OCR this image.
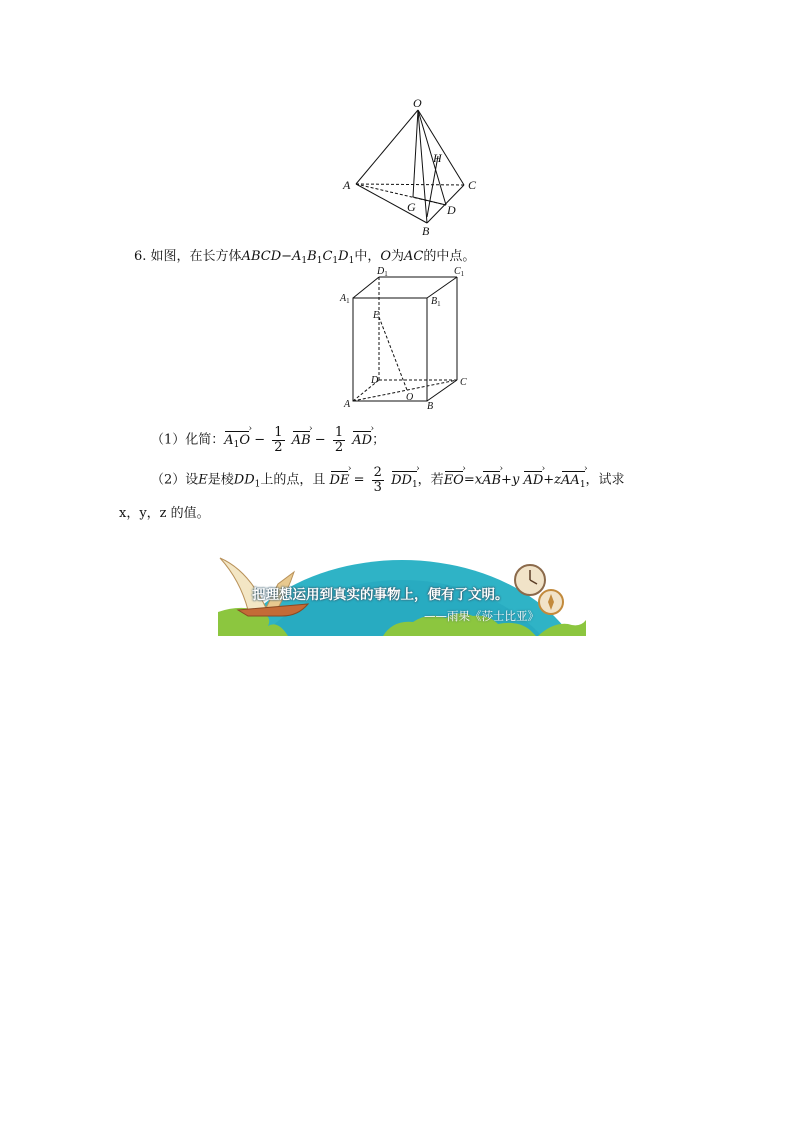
O
H
A	C
G	D
B
6. 如图，在长方体$ABCD-A_1B_1C_1D_1$中，O为AC的中点。
$D_1$	$C_1$
$A_1$	$B_1$
E
D	C
A
O
B
（1）化简：$A_1O$ › − $\frac{1}{2}$ AB › − $\frac{1}{2}$ AD ›；
（2）设E是棱$DD_1$上的点，且 DE › = $\frac{2}{3} DD_1$ ›，若EO ›=xAB ›+y AD ›+zAA$_1$ ›，试求
x，y，z 的值。
把理想运用到真实的事物上，便有了文明。
——雨果《莎士比亚》
